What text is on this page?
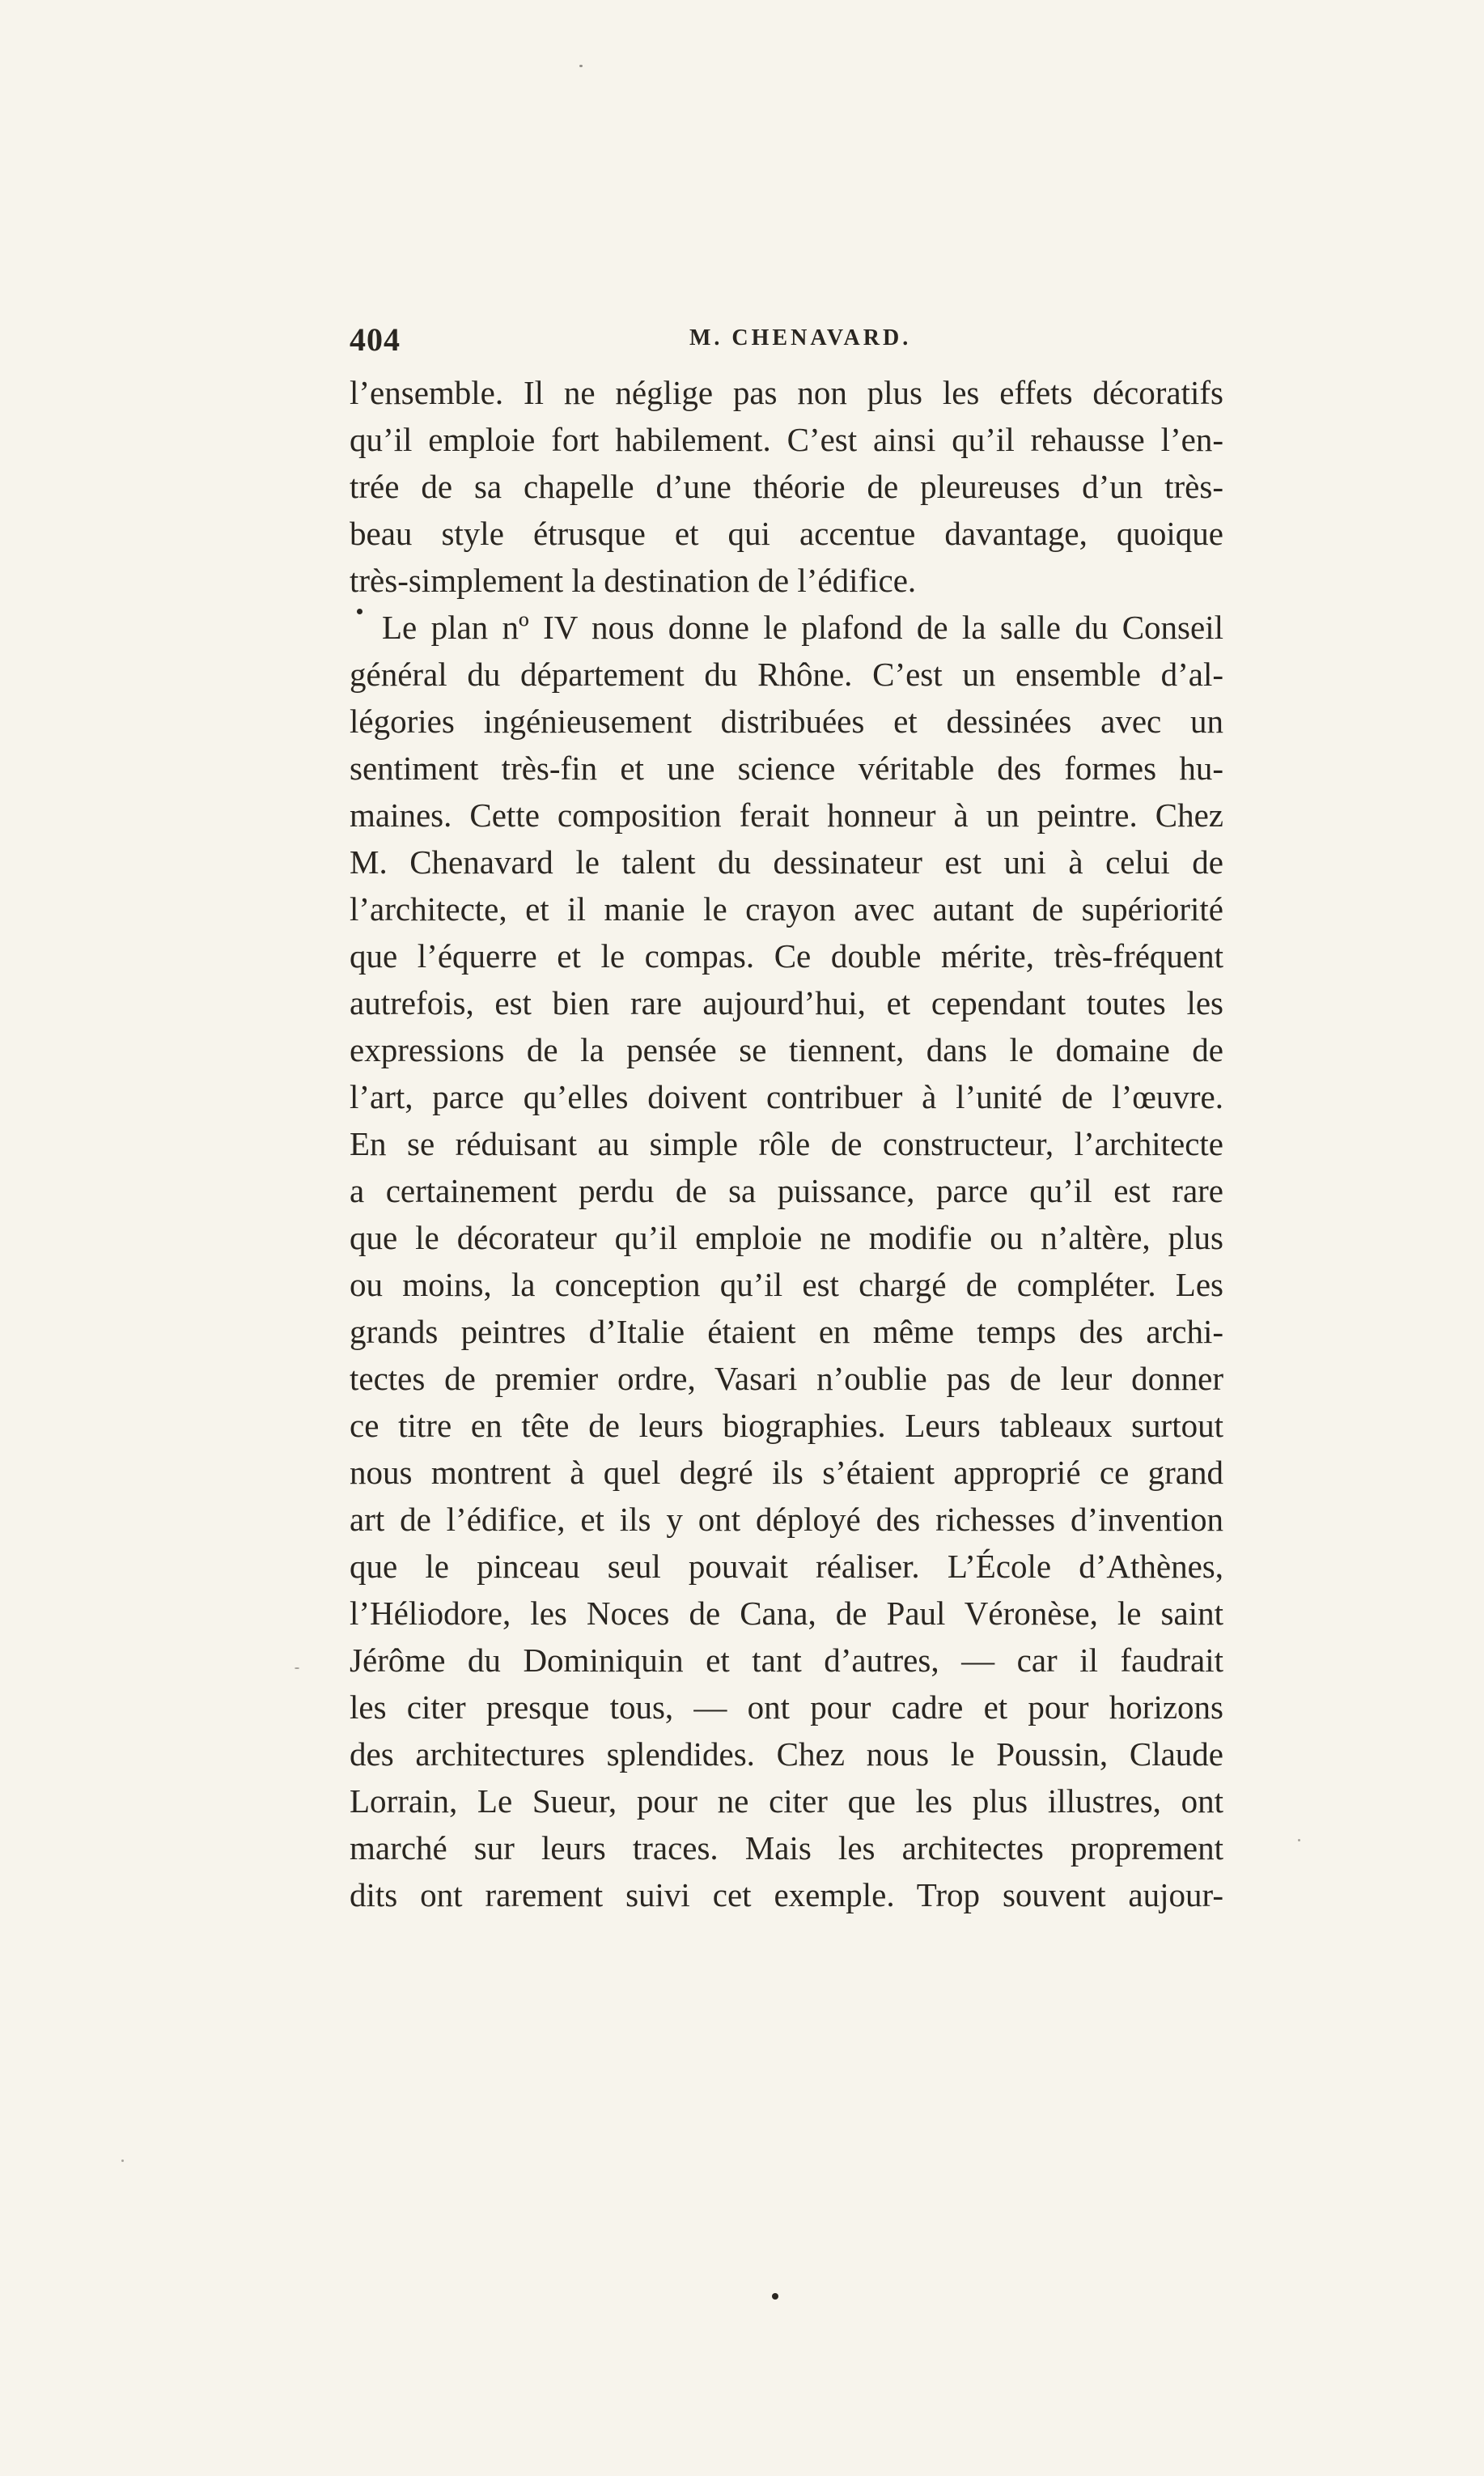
404	M. CHENAVARD.
l’ensemble. Il ne néglige pas non plus les effets décoratifs
qu’il emploie fort habilement. C’est ainsi qu’il rehausse l’en-
trée de sa chapelle d’une théorie de pleureuses d’un très-
beau style étrusque et qui accentue davantage, quoique
très-simplement la destination de l’édifice.
Le plan nº IV nous donne le plafond de la salle du Conseil
général du département du Rhône. C’est un ensemble d’al-
légories ingénieusement distribuées et dessinées avec un
sentiment très-fin et une science véritable des formes hu-
maines. Cette composition ferait honneur à un peintre. Chez
M. Chenavard le talent du dessinateur est uni à celui de
l’architecte, et il manie le crayon avec autant de supériorité
que l’équerre et le compas. Ce double mérite, très-fréquent
autrefois, est bien rare aujourd’hui, et cependant toutes les
expressions de la pensée se tiennent, dans le domaine de
l’art, parce qu’elles doivent contribuer à l’unité de l’œuvre.
En se réduisant au simple rôle de constructeur, l’architecte
a certainement perdu de sa puissance, parce qu’il est rare
que le décorateur qu’il emploie ne modifie ou n’altère, plus
ou moins, la conception qu’il est chargé de compléter. Les
grands peintres d’Italie étaient en même temps des archi-
tectes de premier ordre, Vasari n’oublie pas de leur donner
ce titre en tête de leurs biographies. Leurs tableaux surtout
nous montrent à quel degré ils s’étaient approprié ce grand
art de l’édifice, et ils y ont déployé des richesses d’invention
que le pinceau seul pouvait réaliser. L’École d’Athènes,
l’Héliodore, les Noces de Cana, de Paul Véronèse, le saint
Jérôme du Dominiquin et tant d’autres, — car il faudrait
les citer presque tous, — ont pour cadre et pour horizons
des architectures splendides. Chez nous le Poussin, Claude
Lorrain, Le Sueur, pour ne citer que les plus illustres, ont
marché sur leurs traces. Mais les architectes proprement
dits ont rarement suivi cet exemple. Trop souvent aujour-
